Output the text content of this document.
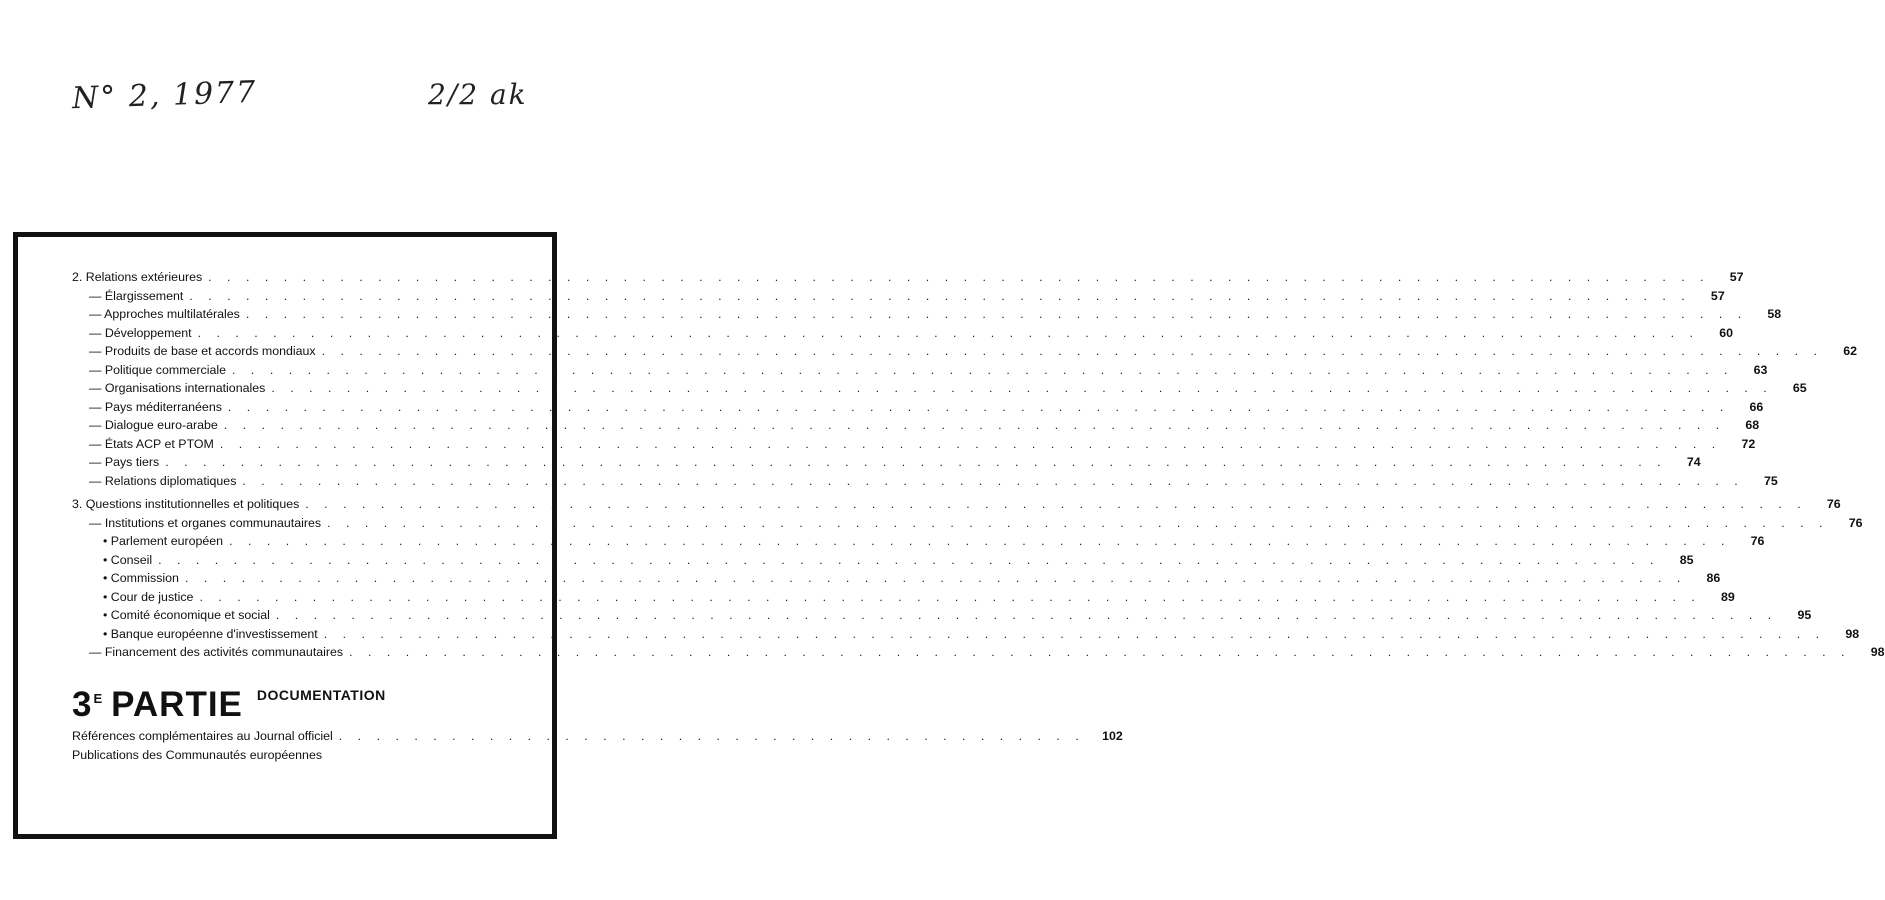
N° 2, 1977	2/2 ak
2. Relations extérieures . . . . . . . . . . . . . . . . . . . . . . . . . . . . . . . . . . . . . . . . . . . . . . . . . . . . . . . . . . . . . . . . . . . . . . . . . . . . . . . .	57
— Élargissement . . . . . . . . . . . . . . . . . . . . . . . . . . . . . . . . . . . . . . . . . . . . . . . . . . . . . . . . . . . . . . . . . . . . . . . . . . . . . . . .	57
— Approches multilatérales . . . . . . . . . . . . . . . . . . . . . . . . . . . . . . . . . . . . . . . . . . . . . . . . . . . . . . . . . . . . . . . . . . . . . . . . . . . . . . . .	58
— Développement . . . . . . . . . . . . . . . . . . . . . . . . . . . . . . . . . . . . . . . . . . . . . . . . . . . . . . . . . . . . . . . . . . . . . . . . . . . . . . . .	60
— Produits de base et accords mondiaux . . . . . . . . . . . . . . . . . . . . . . . . . . . . . . . . . . . . . . . . . . . . . . . . . . . . . . . . . . . . . . . . . . . . . . . . . . . . . . . .	62
— Politique commerciale . . . . . . . . . . . . . . . . . . . . . . . . . . . . . . . . . . . . . . . . . . . . . . . . . . . . . . . . . . . . . . . . . . . . . . . . . . . . . . . .	63
— Organisations internationales . . . . . . . . . . . . . . . . . . . . . . . . . . . . . . . . . . . . . . . . . . . . . . . . . . . . . . . . . . . . . . . . . . . . . . . . . . . . . . . .	65
— Pays méditerranéens . . . . . . . . . . . . . . . . . . . . . . . . . . . . . . . . . . . . . . . . . . . . . . . . . . . . . . . . . . . . . . . . . . . . . . . . . . . . . . . .	66
— Dialogue euro-arabe . . . . . . . . . . . . . . . . . . . . . . . . . . . . . . . . . . . . . . . . . . . . . . . . . . . . . . . . . . . . . . . . . . . . . . . . . . . . . . . .	68
— États ACP et PTOM . . . . . . . . . . . . . . . . . . . . . . . . . . . . . . . . . . . . . . . . . . . . . . . . . . . . . . . . . . . . . . . . . . . . . . . . . . . . . . . .	72
— Pays tiers . . . . . . . . . . . . . . . . . . . . . . . . . . . . . . . . . . . . . . . . . . . . . . . . . . . . . . . . . . . . . . . . . . . . . . . . . . . . . . . .	74
— Relations diplomatiques . . . . . . . . . . . . . . . . . . . . . . . . . . . . . . . . . . . . . . . . . . . . . . . . . . . . . . . . . . . . . . . . . . . . . . . . . . . . . . . .	75
3. Questions institutionnelles et politiques . . . . . . . . . . . . . . . . . . . . . . . . . . . . . . . . . . . . . . . . . . . . . . . . . . . . . . . . . . . . . . . . . . . . . . . . . . . . . . . .	76
— Institutions et organes communautaires . . . . . . . . . . . . . . . . . . . . . . . . . . . . . . . . . . . . . . . . . . . . . . . . . . . . . . . . . . . . . . . . . . . . . . . . . . . . . . . .	76
• Parlement européen . . . . . . . . . . . . . . . . . . . . . . . . . . . . . . . . . . . . . . . . . . . . . . . . . . . . . . . . . . . . . . . . . . . . . . . . . . . . . . . .	76
• Conseil . . . . . . . . . . . . . . . . . . . . . . . . . . . . . . . . . . . . . . . . . . . . . . . . . . . . . . . . . . . . . . . . . . . . . . . . . . . . . . . .	85
• Commission . . . . . . . . . . . . . . . . . . . . . . . . . . . . . . . . . . . . . . . . . . . . . . . . . . . . . . . . . . . . . . . . . . . . . . . . . . . . . . . .	86
• Cour de justice . . . . . . . . . . . . . . . . . . . . . . . . . . . . . . . . . . . . . . . . . . . . . . . . . . . . . . . . . . . . . . . . . . . . . . . . . . . . . . . .	89
• Comité économique et social . . . . . . . . . . . . . . . . . . . . . . . . . . . . . . . . . . . . . . . . . . . . . . . . . . . . . . . . . . . . . . . . . . . . . . . . . . . . . . . .	95
• Banque européenne d'investissement . . . . . . . . . . . . . . . . . . . . . . . . . . . . . . . . . . . . . . . . . . . . . . . . . . . . . . . . . . . . . . . . . . . . . . . . . . . . . . . .	98
— Financement des activités communautaires . . . . . . . . . . . . . . . . . . . . . . . . . . . . . . . . . . . . . . . . . . . . . . . . . . . . . . . . . . . . . . . . . . . . . . . . . . . . . . . .	98
$3^E$ PARTIE DOCUMENTATION
Références complémentaires au Journal officiel . . . . . . . . . . . . . . . . . . . . . . . . . . . . . . . . . . . . . . . .	102
Publications des Communautés européennes
